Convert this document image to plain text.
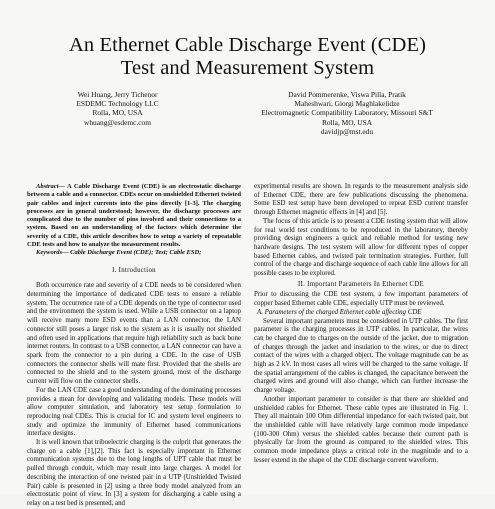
An Ethernet Cable Discharge Event (CDE)
Test and Measurement System
Wei Huang, Jerry Tichenor
ESDEMC Technology LLC
Rolla, MO, USA
whuang@esdemc.com
David Pommerenke, Viswa Pilla, Pratik
Maheshwari, Giorgi Maghlakelidze
Electromagnetic Compatibility Laboratory, Missouri S&T
Rolla, MO, USA
davidjp@mst.edu

Abstract— A Cable Discharge Event (CDE) is an electrostatic discharge between a cable and a connector. CDEs occur on unshielded Ethernet twisted pair cables and inject currents into the pins directly [1-3]. The charging processes are in general understood; however, the discharge processes are complicated due to the number of pins involved and their connections to a system. Based on an understanding of the factors which determine the severity of a CDE, this article describes how to setup a variety of repeatable CDE tests and how to analyze the measurement results.

Keywords— Cable Discharge Event (CDE); Test; Cable ESD;

I. Introduction

Both occurrence rate and severity of a CDE needs to be considered when determining the importance of dedicated CDE tests to ensure a reliable system. The occurrence rate of a CDE depends on the type of connector used and the environment the system is used. While a USB connector on a laptop will receive many more ESD events than a LAN connector, the LAN connector still poses a larger risk to the system as it is usually not shielded and often used in applications that require high reliability such as back bone internet routers. In contrast to a USB connector, a LAN connector can have a spark from the connector to a pin during a CDE. In the case of USB connectors the connector shells will mate first. Provided that the shells are connected to the shield and to the system ground, most of the discharge current will flow on the connector shells.

For the LAN CDE case a good understanding of the dominating processes provides a mean for developing and validating models. These models will allow computer simulation, and laboratory test setup formulation to reproducing real CDEs. This is crucial for IC and system level engineers to study and optimize the immunity of Ethernet based communications interface designs.

It is well known that triboelectric charging is the culprit that generates the charge on a cable [1],[2]. This fact is especially important in Ethernet communication systems due to the long lengths of UPT cable that must be pulled through conduit, which may result into large charges. A model for describing the interaction of one twisted pair in a UTP (Unshielded Twisted Pair) cable is presented in [2] using a three body model analyzed from an electrostatic point of view. In [3] a system for discharging a cable using a relay on a test bed is presented, and

experimental results are shown. In regards to the measurement analysis side of Ethernet CDE, there are few publications discussing the phenomena. Some ESD test setup have been developed to repeat ESD current transfer through Ethernet magnetic effects in [4] and [5].

The focus of this article is to present a CDE testing system that will allow for real world test conditions to be reproduced in the laboratory, thereby providing design engineers a quick and reliable method for testing new hardware designs. The test system will allow for different types of copper based Ethernet cables, and twisted pair termination strategies. Further, full control of the charge and discharge sequence of each cable line allows for all possible cases to be explored.

II. Important Parameters In Ethernet CDE

Prior to discussing the CDE test system, a few important parameters of copper based Ethernet cable CDE, especially UTP must be reviewed.

A. Parameters of the charged Ethernet cable affecting CDE

Several important parameters must be considered in UTP cables. The first parameter is the charging processes in UTP cables. In particular, the wires can be charged due to charges on the outside of the jacket, due to migration of charges through the jacket and insulation to the wires, or due to direct contact of the wires with a charged object. The voltage magnitude can be as high as 2 kV. In most cases all wires will be charged to the same voltage. If the spatial arrangement of the cables is changed, the capacitance between the charged wires and ground will also change, which can further increase the charge voltage.

Another important parameter to consider is that there are shielded and unshielded cables for Ethernet. These cable types are illustrated in Fig. 1. They all maintain 100 Ohm differential impedance for each twisted pair, but the unshielded cable will have relatively large common mode impedance (100-300 Ohm) versus the shielded cables because their current path is physically far from the ground as compared to the shielded wires. This common mode impedance plays a critical role in the magnitude and to a lesser extend in the shape of the CDE discharge current waveform.
